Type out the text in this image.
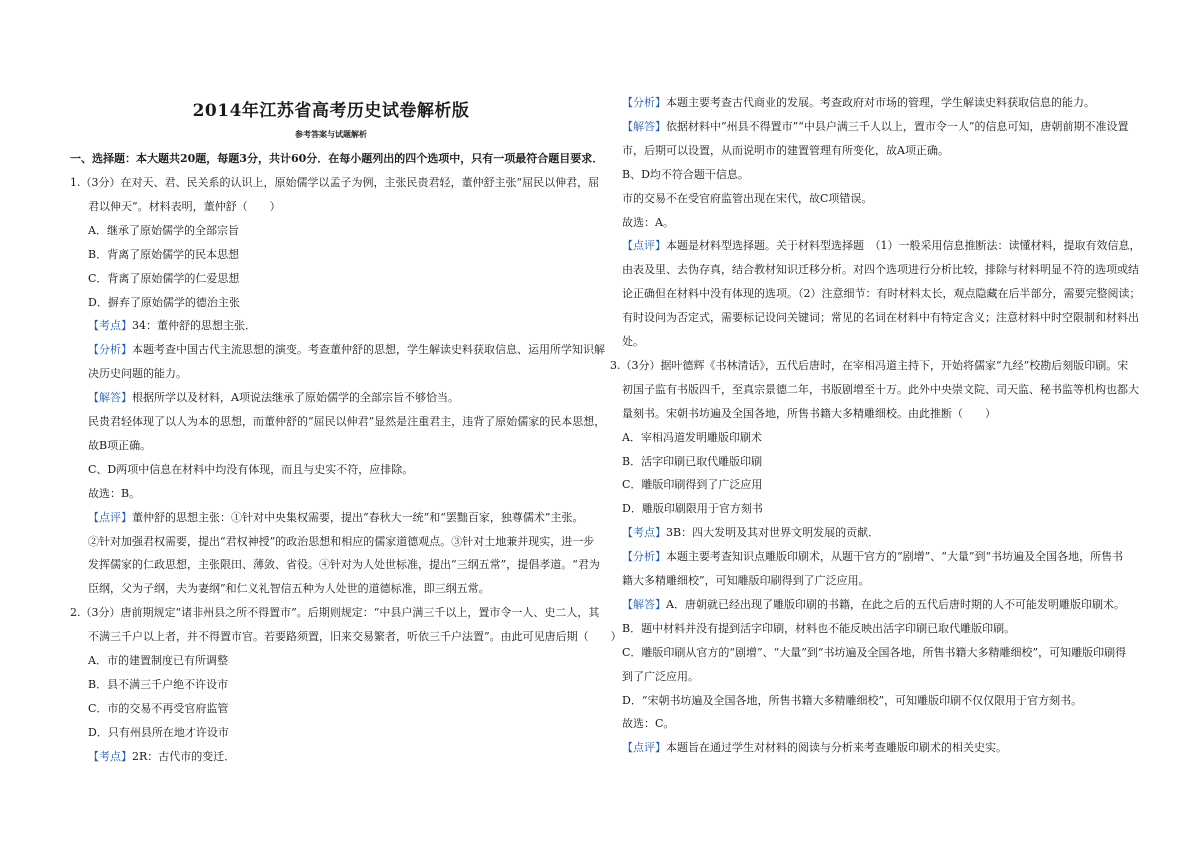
2014年江苏省高考历史试卷解析版
参考答案与试题解析
一、选择题：本大题共20题，每题3分，共计60分．在每小题列出的四个选项中，只有一项最符合题目要求．
1.（3分）在对天、君、民关系的认识上，原始儒学以孟子为例，主张民贵君轻，董仲舒主张“屈民以伸君，屈
君以伸天”。材料表明，董仲舒（　　）
A．继承了原始儒学的全部宗旨
B．背离了原始儒学的民本思想
C．背离了原始儒学的仁爱思想
D．摒弃了原始儒学的德治主张
【考点】34：董仲舒的思想主张．
【分析】本题考查中国古代主流思想的演变。考查董仲舒的思想，学生解读史料获取信息、运用所学知识解
决历史问题的能力。
【解答】根据所学以及材料，A项说法继承了原始儒学的全部宗旨不够恰当。
民贵君轻体现了以人为本的思想，而董仲舒的“屈民以伸君”显然是注重君主，违背了原始儒家的民本思想，
故B项正确。
C、D两项中信息在材料中均没有体现，而且与史实不符，应排除。
故选：B。
【点评】董仲舒的思想主张：①针对中央集权需要，提出“春秋大一统”和“罢黜百家，独尊儒术”主张。
②针对加强君权需要，提出“君权神授”的政治思想和相应的儒家道德观点。③针对土地兼并现实，进一步
发挥儒家的仁政思想，主张限田、薄敛、省役。④针对为人处世标准，提出“三纲五常”，提倡孝道。“君为
臣纲，父为子纲，夫为妻纲”和仁义礼智信五种为人处世的道德标准，即三纲五常。
2.（3分）唐前期规定“诸非州县之所不得置市”。后期则规定：“中县户满三千以上，置市令一人、史二人，其
不满三千户以上者，并不得置市官。若要路须置，旧来交易繁者，听依三千户法置”。由此可见唐后期（　　）
A．市的建置制度已有所调整
B．县不满三千户绝不许设市
C．市的交易不再受官府监管
D．只有州县所在地才许设市
【考点】2R：古代市的变迁．
【分析】本题主要考查古代商业的发展。考查政府对市场的管理，学生解读史料获取信息的能力。
【解答】依据材料中“州县不得置市”“中县户满三千人以上，置市令一人”的信息可知，唐朝前期不准设置
市，后期可以设置，从而说明市的建置管理有所变化，故A项正确。
B、D均不符合题干信息。
市的交易不在受官府监管出现在宋代，故C项错误。
故选：A。
【点评】本题是材料型选择题。关于材料型选择题　（1）一般采用信息推断法：读懂材料，提取有效信息，
由表及里、去伪存真，结合教材知识迁移分析。对四个选项进行分析比较，排除与材料明显不符的选项或结
论正确但在材料中没有体现的选项。（2）注意细节：有时材料太长，观点隐藏在后半部分，需要完整阅读；
有时设问为否定式，需要标记设问关键词；常见的名词在材料中有特定含义；注意材料中时空限制和材料出
处。
3.（3分）据叶德辉《书林清话》，五代后唐时，在宰相冯道主持下，开始将儒家“九经”校勘后刻版印刷。宋
初国子监有书版四千，至真宗景德二年，书版剧增至十万。此外中央崇文院、司天监、秘书监等机构也都大
量刻书。宋朝书坊遍及全国各地，所售书籍大多精雕细校。由此推断（　　）
A．宰相冯道发明雕版印刷术
B．活字印刷已取代雕版印刷
C．雕版印刷得到了广泛应用
D．雕版印刷限用于官方刻书
【考点】3B：四大发明及其对世界文明发展的贡献．
【分析】本题主要考查知识点雕版印刷术，从题干官方的“剧增”、“大量”到“书坊遍及全国各地，所售书
籍大多精雕细校”，可知雕版印刷得到了广泛应用。
【解答】A．唐朝就已经出现了雕版印刷的书籍，在此之后的五代后唐时期的人不可能发明雕版印刷术。
B．题中材料并没有提到活字印刷，材料也不能反映出活字印刷已取代雕版印刷。
C．雕版印刷从官方的“剧增”、“大量”到“书坊遍及全国各地，所售书籍大多精雕细校”，可知雕版印刷得
到了广泛应用。
D．“宋朝书坊遍及全国各地，所售书籍大多精雕细校”，可知雕版印刷不仅仅限用于官方刻书。
故选：C。
【点评】本题旨在通过学生对材料的阅读与分析来考查雕版印刷术的相关史实。
